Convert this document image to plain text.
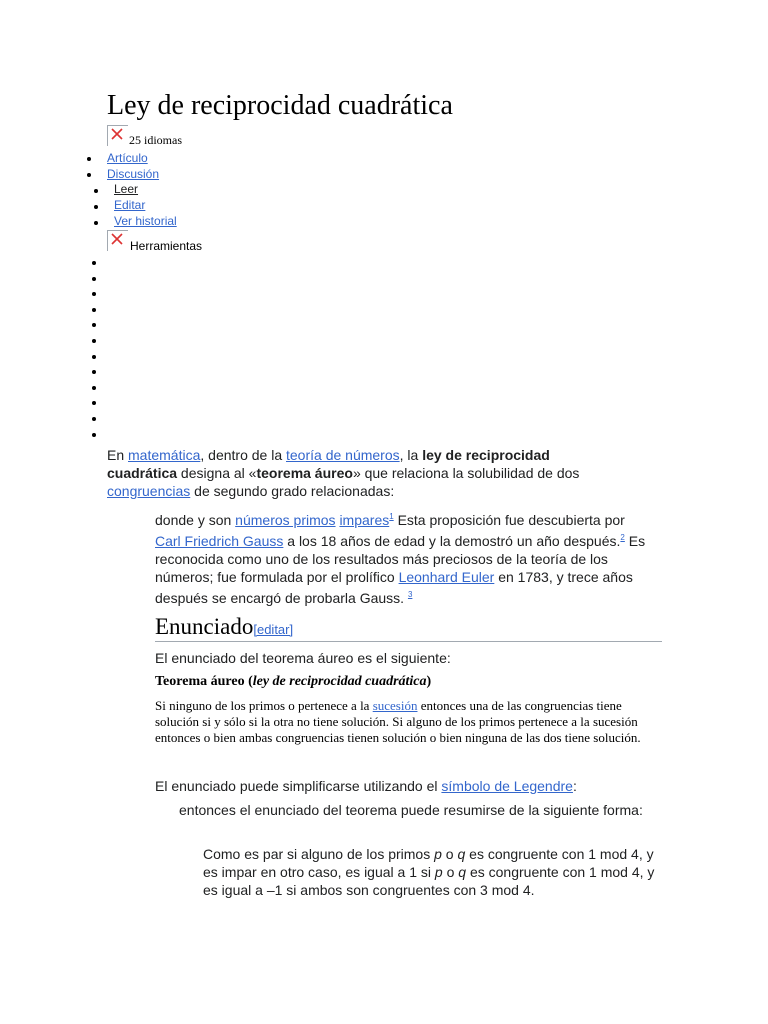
Ley de reciprocidad cuadrática
25 idiomas
Artículo
Discusión
Leer
Editar
Ver historial
Herramientas
En matemática, dentro de la teoría de números, la ley de reciprocidad cuadrática designa al «teorema áureo» que relaciona la solubilidad de dos congruencias de segundo grado relacionadas:
donde y son números primos impares$^1$ Esta proposición fue descubierta por Carl Friedrich Gauss a los 18 años de edad y la demostró un año después.$^2$ Es reconocida como uno de los resultados más preciosos de la teoría de los números; fue formulada por el prolífico Leonhard Euler en 1783, y trece años después se encargó de probarla Gauss. $^3$
Enunciado[editar]
El enunciado del teorema áureo es el siguiente:
Teorema áureo (ley de reciprocidad cuadrática)
Si ninguno de los primos o pertenece a la sucesión entonces una de las congruencias tiene solución si y sólo si la otra no tiene solución. Si alguno de los primos pertenece a la sucesión entonces o bien ambas congruencias tienen solución o bien ninguna de las dos tiene solución.
El enunciado puede simplificarse utilizando el símbolo de Legendre:
entonces el enunciado del teorema puede resumirse de la siguiente forma:
Como es par si alguno de los primos p o q es congruente con 1 mod 4, y es impar en otro caso, es igual a 1 si p o q es congruente con 1 mod 4, y es igual a –1 si ambos son congruentes con 3 mod 4.
